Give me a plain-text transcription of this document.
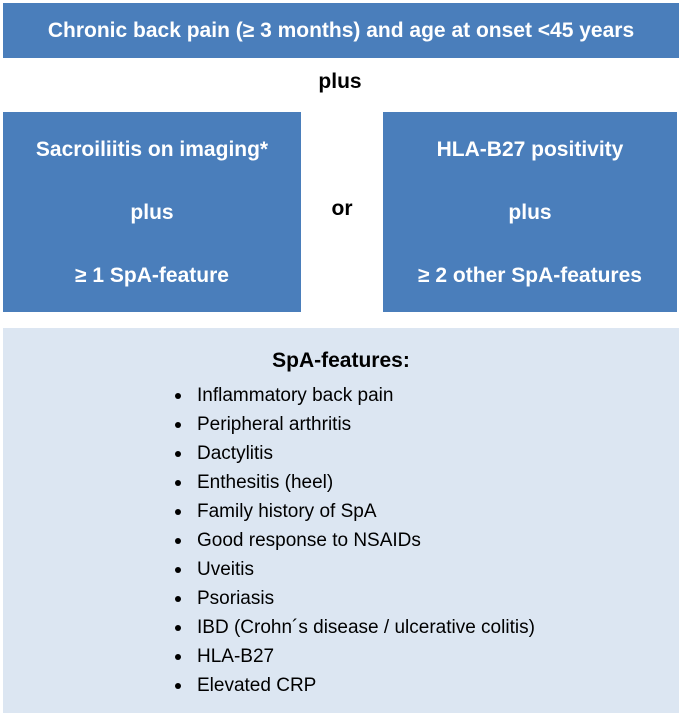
Chronic back pain (≥ 3 months) and age at onset <45 years
plus
Sacroiliitis on imaging*
plus
≥ 1 SpA-feature
or
HLA-B27 positivity
plus
≥ 2 other SpA-features
SpA-features:
Inflammatory back pain
Peripheral arthritis
Dactylitis
Enthesitis (heel)
Family history of SpA
Good response to NSAIDs
Uveitis
Psoriasis
IBD (Crohn´s disease / ulcerative colitis)
HLA-B27
Elevated CRP
